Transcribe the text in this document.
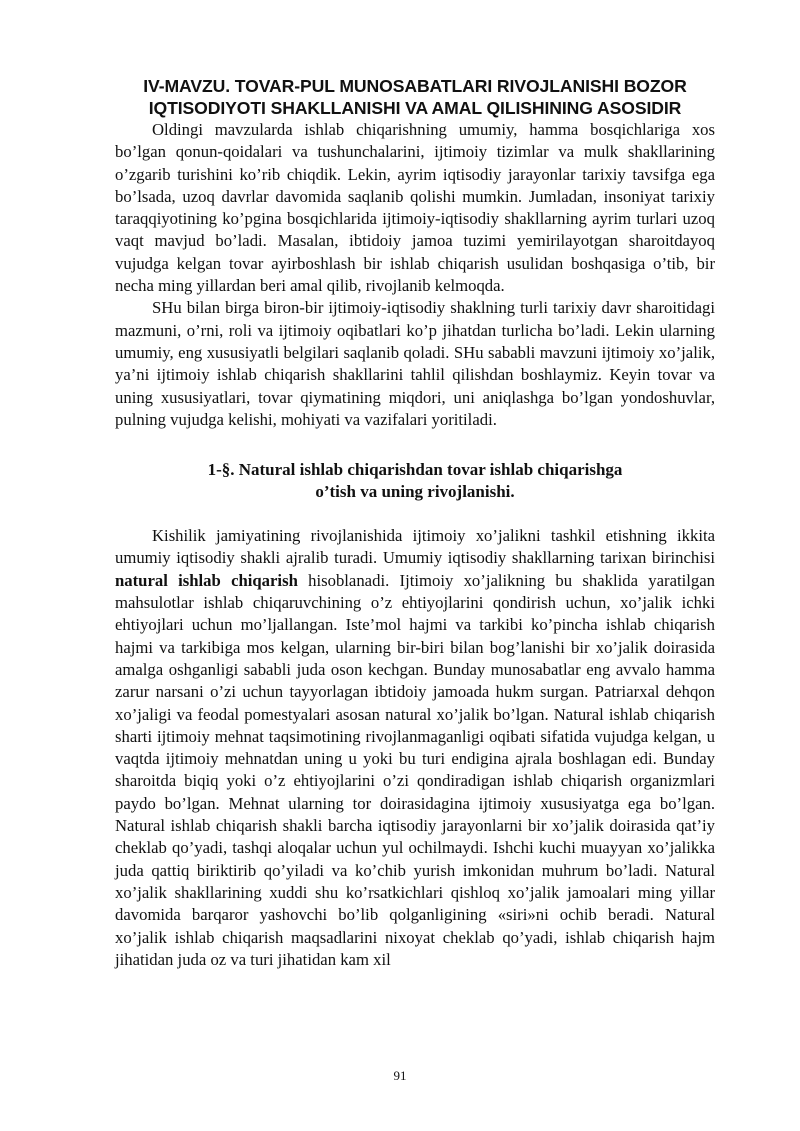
IV-MAVZU. TOVAR-PUL MUNOSABATLARI RIVOJLANISHI BOZOR
IQTISODIYOTI SHAKLLANISHI VA AMAL QILISHINING ASOSIDIR

Oldingi mavzularda ishlab chiqarishning umumiy, hamma bosqichlariga xos bo’lgan qonun-qoidalari va tushunchalarini, ijtimoiy tizimlar va mulk shakllarining o’zgarib turishini ko’rib chiqdik. Lekin, ayrim iqtisodiy jarayonlar tarixiy tavsifga ega bo’lsada, uzoq davrlar davomida saqlanib qolishi mumkin. Jumladan, insoniyat tarixiy taraqqiyotining ko’pgina bosqichlarida ijtimoiy-iqtisodiy shakllarning ayrim turlari uzoq vaqt mavjud bo’ladi. Masalan, ibtidoiy jamoa tuzimi yemirilayotgan sharoitdayoq vujudga kelgan tovar ayirboshlash bir ishlab chiqarish usulidan boshqasiga o’tib, bir necha ming yillardan beri amal qilib, rivojlanib kelmoqda.

SHu bilan birga biron-bir ijtimoiy-iqtisodiy shaklning turli tarixiy davr sharoitidagi mazmuni, o’rni, roli va ijtimoiy oqibatlari ko’p jihatdan turlicha bo’ladi. Lekin ularning umumiy, eng xususiyatli belgilari saqlanib qoladi. SHu sababli mavzuni ijtimoiy xo’jalik, ya’ni ijtimoiy ishlab chiqarish shakllarini tahlil qilishdan boshlaymiz. Keyin tovar va uning xususiyatlari, tovar qiymatining miqdori, uni aniqlashga bo’lgan yondoshuvlar, pulning vujudga kelishi, mohiyati va vazifalari yoritiladi.

1-§. Natural ishlab chiqarishdan tovar ishlab chiqarishga
o’tish va uning rivojlanishi.

Kishilik jamiyatining rivojlanishida ijtimoiy xo’jalikni tashkil etishning ikkita umumiy iqtisodiy shakli ajralib turadi. Umumiy iqtisodiy shakllarning tarixan birinchisi natural ishlab chiqarish hisoblanadi. Ijtimoiy xo’jalikning bu shaklida yaratilgan mahsulotlar ishlab chiqaruvchining o’z ehtiyojlarini qondirish uchun, xo’jalik ichki ehtiyojlari uchun mo’ljallangan. Iste’mol hajmi va tarkibi ko’pincha ishlab chiqarish hajmi va tarkibiga mos kelgan, ularning bir-biri bilan bog’lanishi bir xo’jalik doirasida amalga oshganligi sababli juda oson kechgan. Bunday munosabatlar eng avvalo hamma zarur narsani o’zi uchun tayyorlagan ibtidoiy jamoada hukm surgan. Patriarxal dehqon xo’jaligi va feodal pomestyalari asosan natural xo’jalik bo’lgan. Natural ishlab chiqarish sharti ijtimoiy mehnat taqsimotining rivojlanmaganligi oqibati sifatida vujudga kelgan, u vaqtda ijtimoiy mehnatdan uning u yoki bu turi endigina ajrala boshlagan edi. Bunday sharoitda biqiq yoki o’z ehtiyojlarini o’zi qondiradigan ishlab chiqarish organizmlari paydo bo’lgan. Mehnat ularning tor doirasidagina ijtimoiy xususiyatga ega bo’lgan. Natural ishlab chiqarish shakli barcha iqtisodiy jarayonlarni bir xo’jalik doirasida qat’iy cheklab qo’yadi, tashqi aloqalar uchun yul ochilmaydi. Ishchi kuchi muayyan xo’jalikka juda qattiq biriktirib qo’yiladi va ko’chib yurish imkonidan muhrum bo’ladi. Natural xo’jalik shakllarining xuddi shu ko’rsatkichlari qishloq xo’jalik jamoalari ming yillar davomida barqaror yashovchi bo’lib qolganligining «siri»ni ochib beradi. Natural xo’jalik ishlab chiqarish maqsadlarini nixoyat cheklab qo’yadi, ishlab chiqarish hajm jihatidan juda oz va turi jihatidan kam xil

91
